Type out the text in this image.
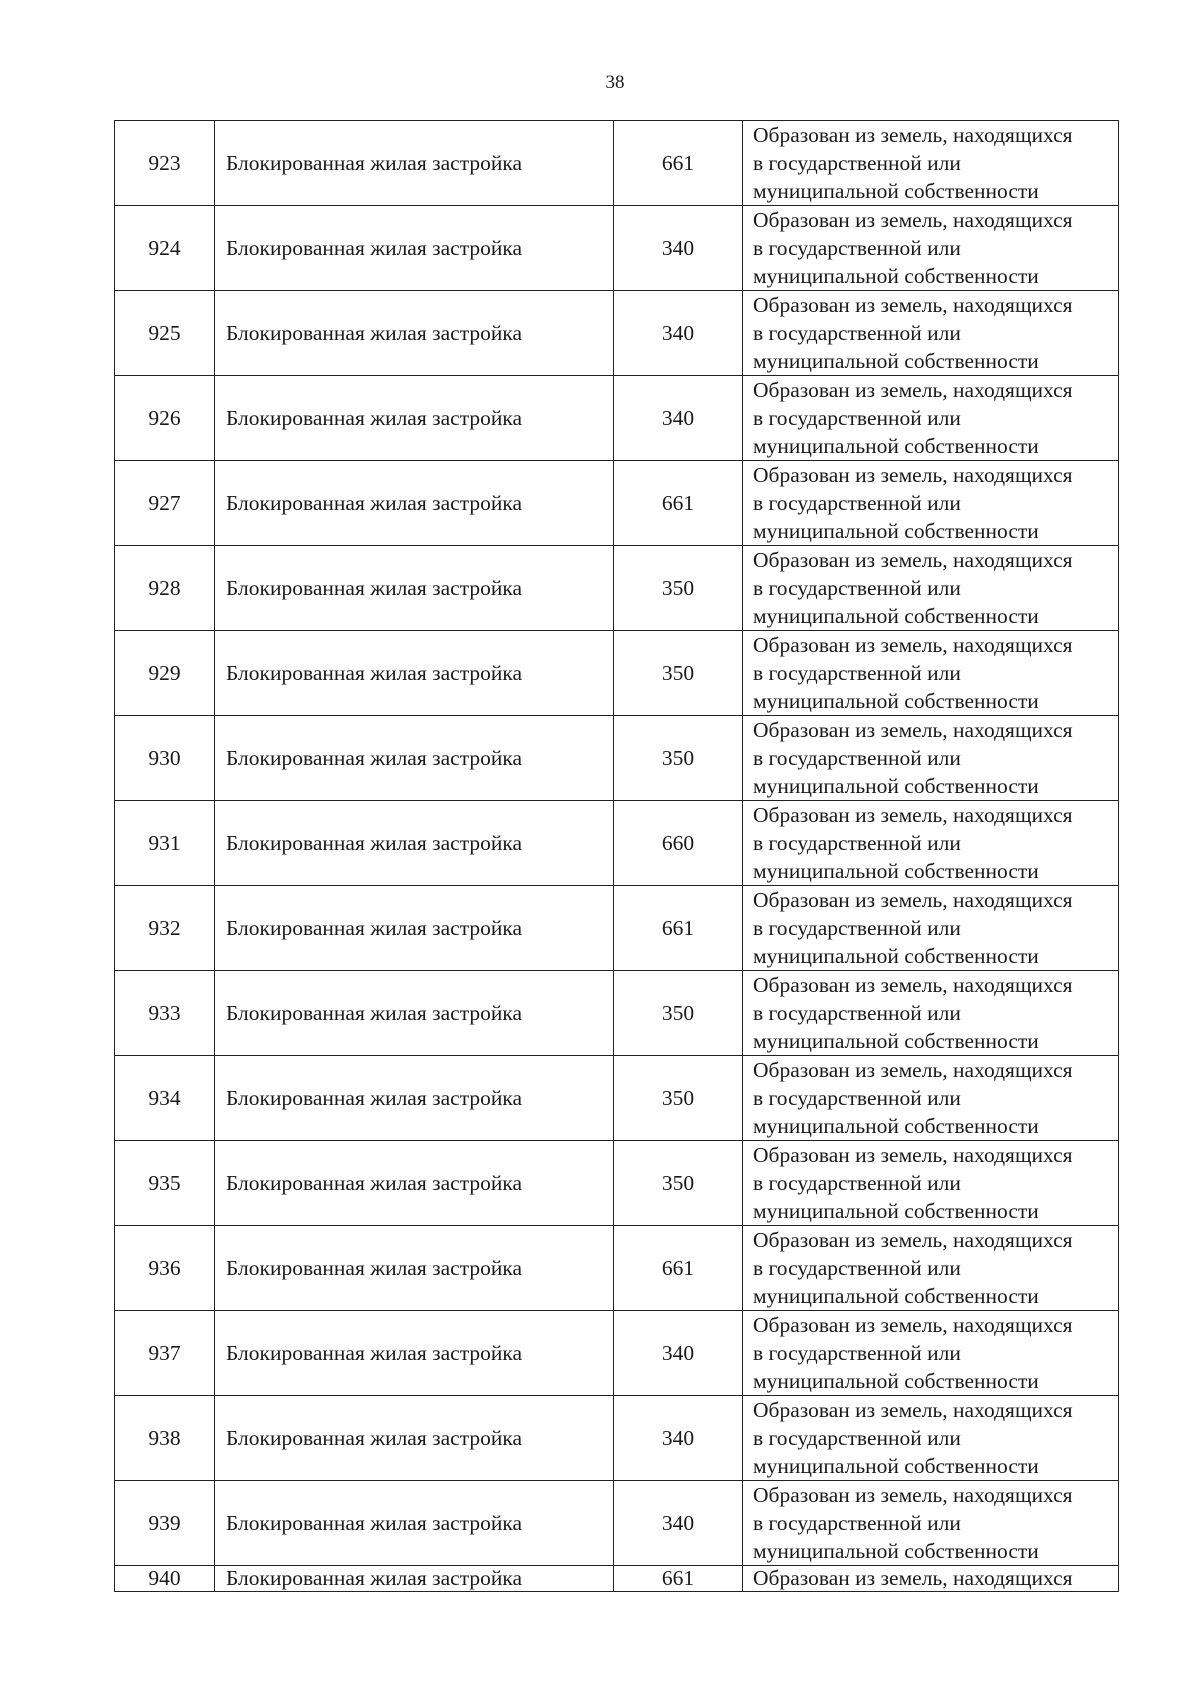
38
923	Блокированная жилая застройка	661	Образован из земель, находящихся
в государственной или
муниципальной собственности

924	Блокированная жилая застройка	340	Образован из земель, находящихся
в государственной или
муниципальной собственности

925	Блокированная жилая застройка	340	Образован из земель, находящихся
в государственной или
муниципальной собственности

926	Блокированная жилая застройка	340	Образован из земель, находящихся
в государственной или
муниципальной собственности

927	Блокированная жилая застройка	661	Образован из земель, находящихся
в государственной или
муниципальной собственности

928	Блокированная жилая застройка	350	Образован из земель, находящихся
в государственной или
муниципальной собственности

929	Блокированная жилая застройка	350	Образован из земель, находящихся
в государственной или
муниципальной собственности

930	Блокированная жилая застройка	350	Образован из земель, находящихся
в государственной или
муниципальной собственности

931	Блокированная жилая застройка	660	Образован из земель, находящихся
в государственной или
муниципальной собственности

932	Блокированная жилая застройка	661	Образован из земель, находящихся
в государственной или
муниципальной собственности

933	Блокированная жилая застройка	350	Образован из земель, находящихся
в государственной или
муниципальной собственности

934	Блокированная жилая застройка	350	Образован из земель, находящихся
в государственной или
муниципальной собственности

935	Блокированная жилая застройка	350	Образован из земель, находящихся
в государственной или
муниципальной собственности

936	Блокированная жилая застройка	661	Образован из земель, находящихся
в государственной или
муниципальной собственности

937	Блокированная жилая застройка	340	Образован из земель, находящихся
в государственной или
муниципальной собственности

938	Блокированная жилая застройка	340	Образован из земель, находящихся
в государственной или
муниципальной собственности

939	Блокированная жилая застройка	340	Образован из земель, находящихся
в государственной или
муниципальной собственности

940	Блокированная жилая застройка	661	Образован из земель, находящихся
